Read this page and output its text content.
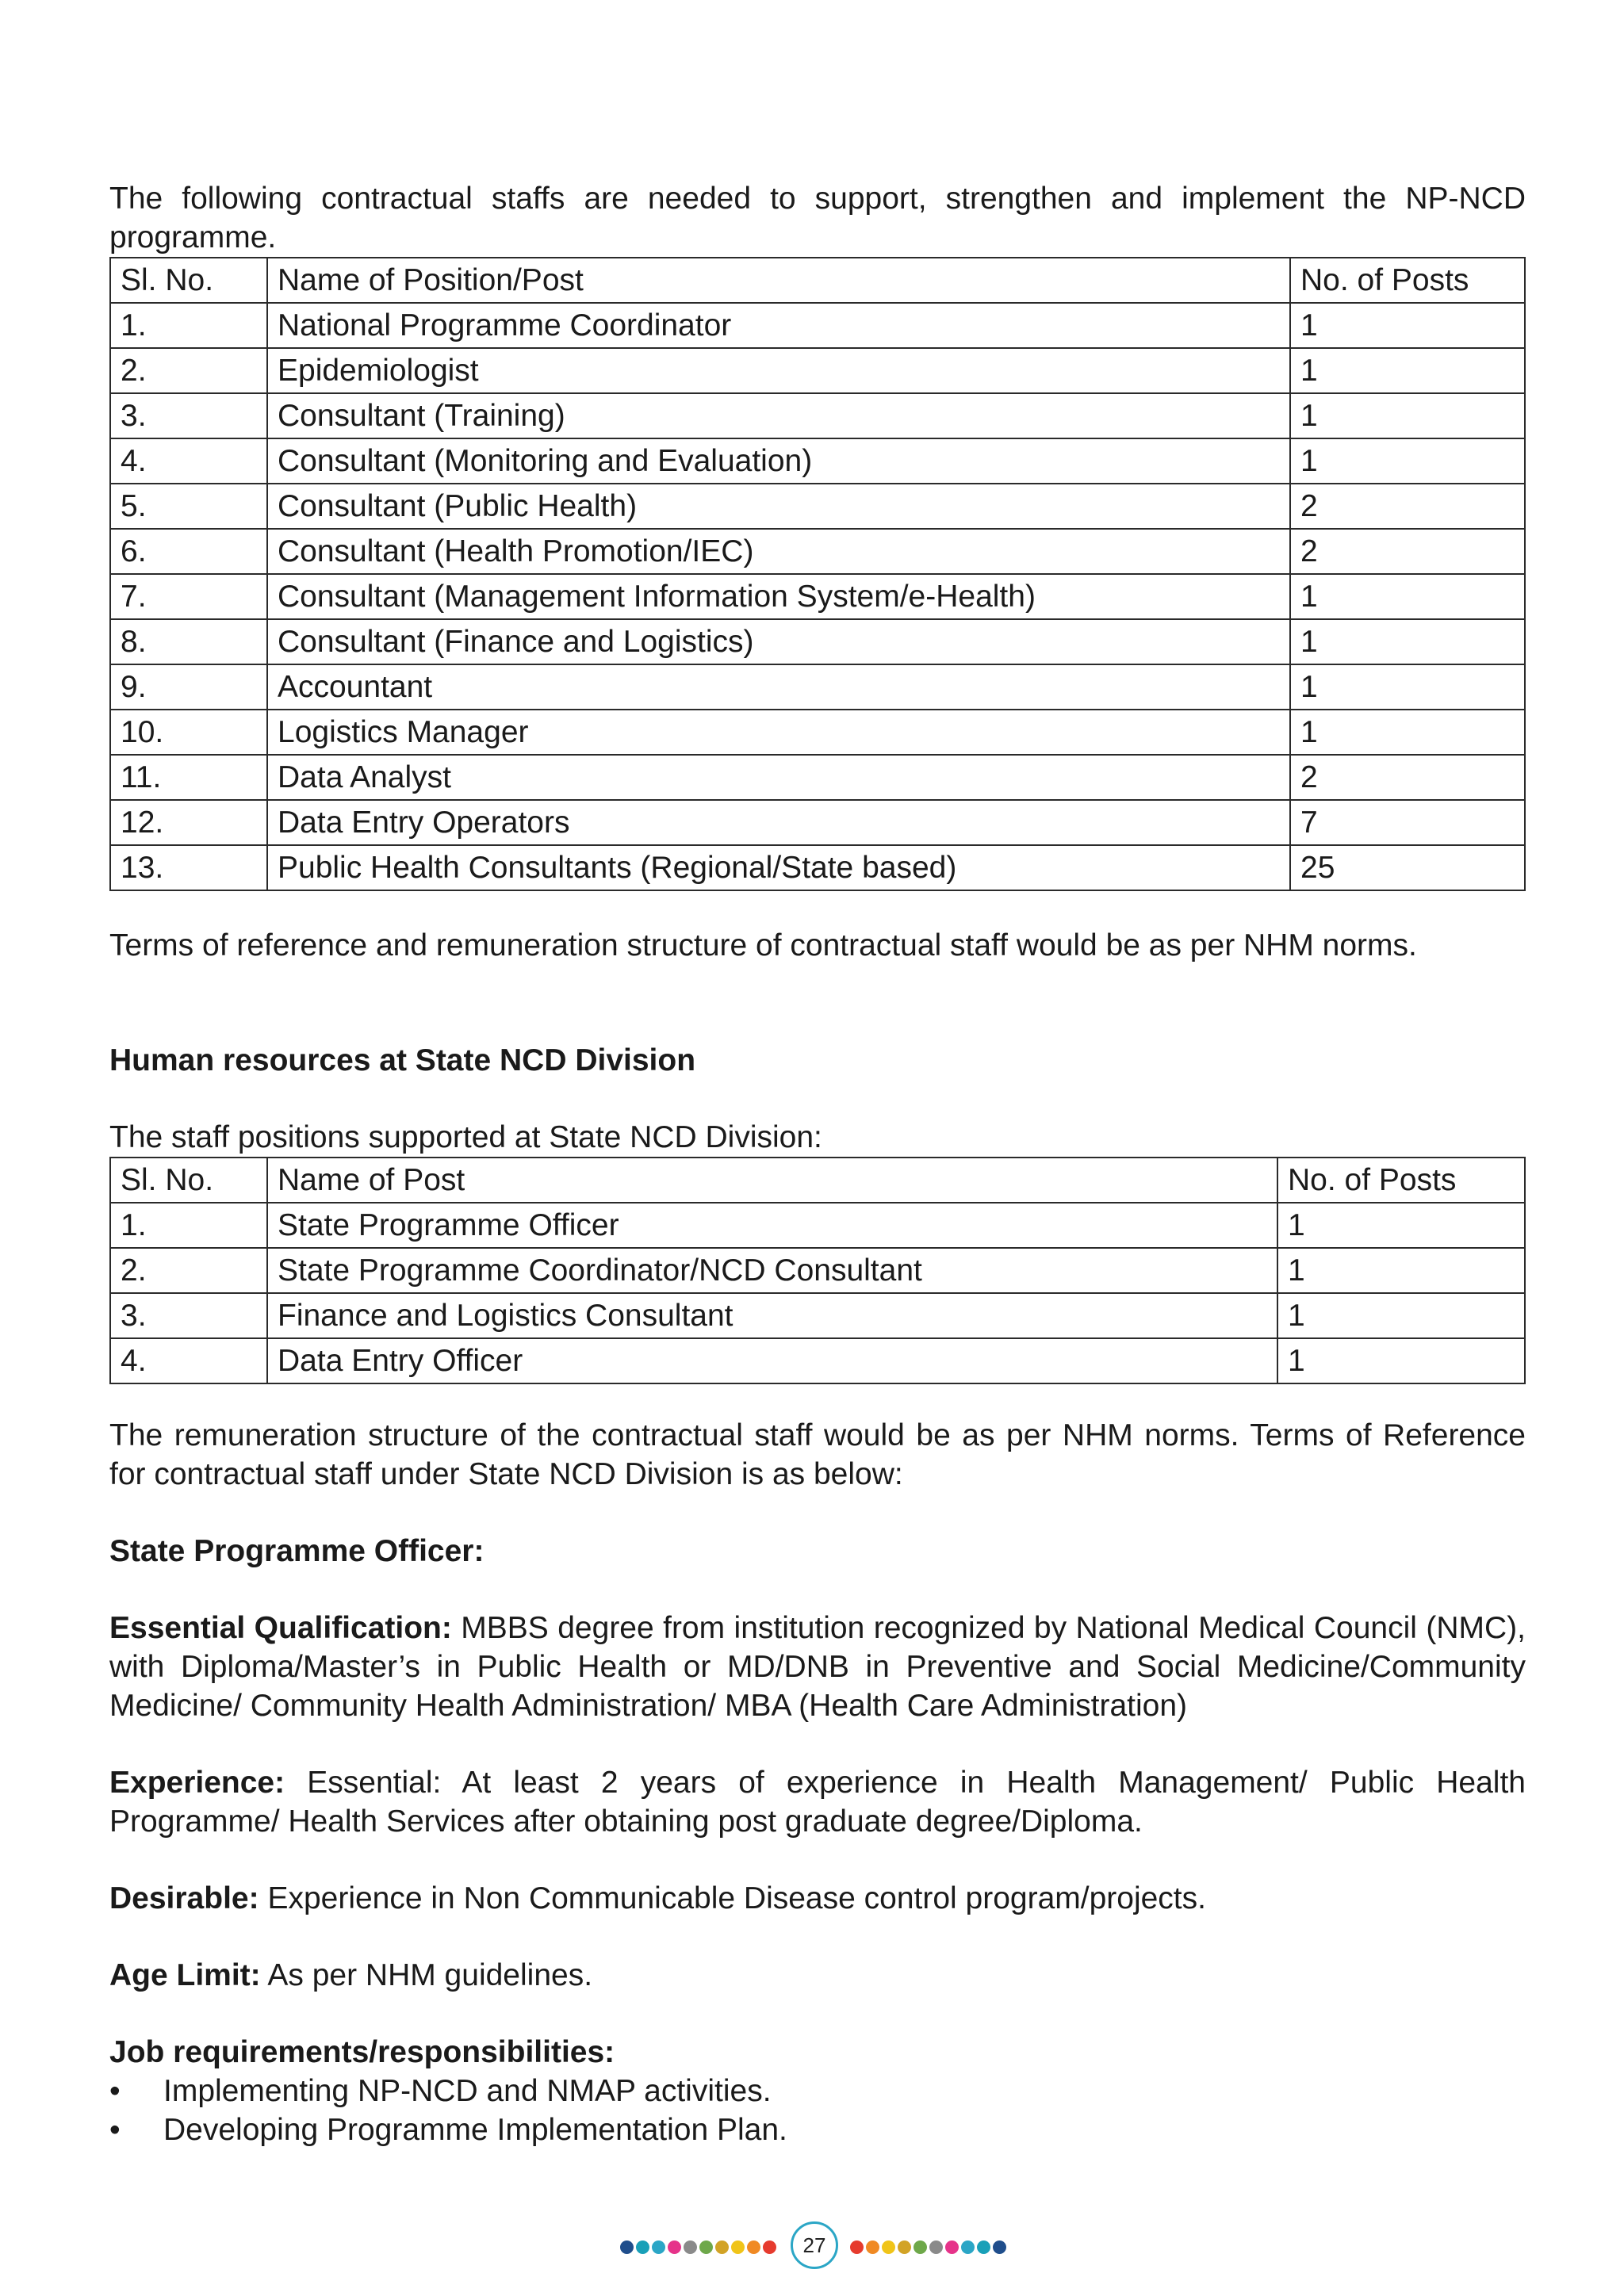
The following contractual staffs are needed to support, strengthen and implement the NP-NCD programme.

Sl. No.	Name of Position/Post	No. of Posts
1.	National Programme Coordinator	1
2.	Epidemiologist	1
3.	Consultant (Training)	1
4.	Consultant (Monitoring and Evaluation)	1
5.	Consultant (Public Health)	2
6.	Consultant (Health Promotion/IEC)	2
7.	Consultant (Management Information System/e-Health)	1
8.	Consultant (Finance and Logistics)	1
9.	Accountant	1
10.	Logistics Manager	1
11.	Data Analyst	2
12.	Data Entry Operators	7
13.	Public Health Consultants (Regional/State based)	25

Terms of reference and remuneration structure of contractual staff would be as per NHM norms.

Human resources at State NCD Division

The staff positions supported at State NCD Division:

Sl. No.	Name of Post	No. of Posts
1.	State Programme Officer	1
2.	State Programme Coordinator/NCD Consultant	1
3.	Finance and Logistics Consultant	1
4.	Data Entry Officer	1

The remuneration structure of the contractual staff would be as per NHM norms. Terms of Reference for contractual staff under State NCD Division is as below:

State Programme Officer:

Essential Qualification: MBBS degree from institution recognized by National Medical Council (NMC), with Diploma/Master’s in Public Health or MD/DNB in Preventive and Social Medicine/Community Medicine/ Community Health Administration/ MBA (Health Care Administration)

Experience: Essential: At least 2 years of experience in Health Management/ Public Health Programme/ Health Services after obtaining post graduate degree/Diploma.

Desirable: Experience in Non Communicable Disease control program/projects.

Age Limit: As per NHM guidelines.

Job requirements/responsibilities:

• Implementing NP-NCD and NMAP activities.
• Developing Programme Implementation Plan.
27
